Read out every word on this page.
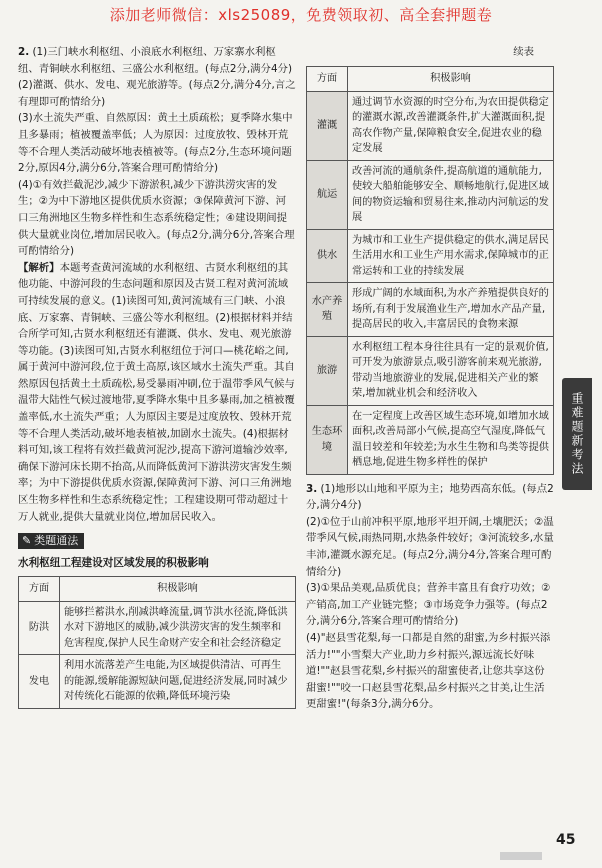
添加老师微信：xls25089，免费领取初、高全套押题卷

2. (1)三门峡水利枢纽、小浪底水利枢纽、万家寨水利枢纽、青铜峡水利枢纽、三盛公水利枢纽。(每点2分,满分4分)

(2)灌溉、供水、发电、观光旅游等。(每点2分,满分4分,言之有理即可酌情给分)

(3)水土流失严重、自然原因：黄土土质疏松；夏季降水集中且多暴雨；植被覆盖率低；人为原因：过度放牧、毁林开荒等不合理人类活动破坏地表植被等。(每点2分,生态环境问题2分,原因4分,满分6分,答案合理可酌情给分)

(4)①有效拦截泥沙,减少下游淤积,减少下游洪涝灾害的发生；②为中下游地区提供优质水资源；③保障黄河下游、河口三角洲地区生物多样性和生态系统稳定性；④建设期间提供大量就业岗位,增加居民收入。(每点2分,满分6分,答案合理可酌情给分)

【解析】本题考查黄河流域的水利枢纽、古贤水利枢纽的其他功能、中游河段的生态问题和原因及古贤工程对黄河流域可持续发展的意义。(1)读图可知,黄河流域有三门峡、小浪底、万家寨、青铜峡、三盛公等水利枢纽。(2)根据材料并结合所学可知,古贤水利枢纽还有灌溉、供水、发电、观光旅游等功能。(3)读图可知,古贤水利枢纽位于河口—桃花峪之间,属于黄河中游河段,位于黄土高原,该区域水土流失严重。其自然原因包括黄土土质疏松,易受暴雨冲刷,位于温带季风气候与温带大陆性气候过渡地带,夏季降水集中且多暴雨,加之植被覆盖率低,水土流失严重；人为原因主要是过度放牧、毁林开荒等不合理人类活动,破坏地表植被,加剧水土流失。(4)根据材料可知,该工程将有效拦截黄河泥沙,提高下游河道输沙效率,确保下游河床长期不抬高,从而降低黄河下游洪涝灾害发生频率；为中下游提供优质水资源,保障黄河下游、河口三角洲地区生物多样性和生态系统稳定性；工程建设期可带动超过十万人就业,提供大量就业岗位,增加居民收入。

✎ 类题通法
水利枢纽工程建设对区域发展的积极影响
方面	积极影响
防洪	能够拦蓄洪水,削减洪峰流量,调节洪水径流,降低洪水对下游地区的威胁,减少洪涝灾害的发生频率和危害程度,保护人民生命财产安全和社会经济稳定
发电	利用水流落差产生电能,为区域提供清洁、可再生的能源,缓解能源短缺问题,促进经济发展,同时减少对传统化石能源的依赖,降低环境污染
续表
方面	积极影响
灌溉	通过调节水资源的时空分布,为农田提供稳定的灌溉水源,改善灌溉条件,扩大灌溉面积,提高农作物产量,保障粮食安全,促进农业的稳定发展
航运	改善河流的通航条件,提高航道的通航能力,使较大船舶能够安全、顺畅地航行,促进区域间的物资运输和贸易往来,推动内河航运的发展
供水	为城市和工业生产提供稳定的供水,满足居民生活用水和工业生产用水需求,保障城市的正常运转和工业的持续发展
水产养殖	形成广阔的水域面积,为水产养殖提供良好的场所,有利于发展渔业生产,增加水产品产量,提高居民的收入,丰富居民的食物来源
旅游	水利枢纽工程本身往往具有一定的景观价值,可开发为旅游景点,吸引游客前来观光旅游,带动当地旅游业的发展,促进相关产业的繁荣,增加就业机会和经济收入
生态环境	在一定程度上改善区域生态环境,如增加水域面积,改善局部小气候,提高空气湿度,降低气温日较差和年较差;为水生生物和鸟类等提供栖息地,促进生物多样性的保护

3. (1)地形以山地和平原为主；地势西高东低。(每点2分,满分4分)

(2)①位于山前冲积平原,地形平坦开阔,土壤肥沃；②温带季风气候,雨热同期,水热条件较好；③河流较多,水量丰沛,灌溉水源充足。(每点2分,满分4分,答案合理可酌情给分)

(3)①果品美观,品质优良；营养丰富且有食疗功效；②产销高,加工产业链完整；③市场竞争力强等。(每点2分,满分6分,答案合理可酌情给分)

(4)"赵县雪花梨,每一口都是自然的甜蜜,为乡村振兴添活力!""小雪梨大产业,助力乡村振兴,源远流长好味道!""赵县雪花梨,乡村振兴的甜蜜使者,让您共享这份甜蜜!""咬一口赵县雪花梨,品乡村振兴之甘美,让生活更甜蜜!"(每条3分,满分6分。

重难题新考法
45
